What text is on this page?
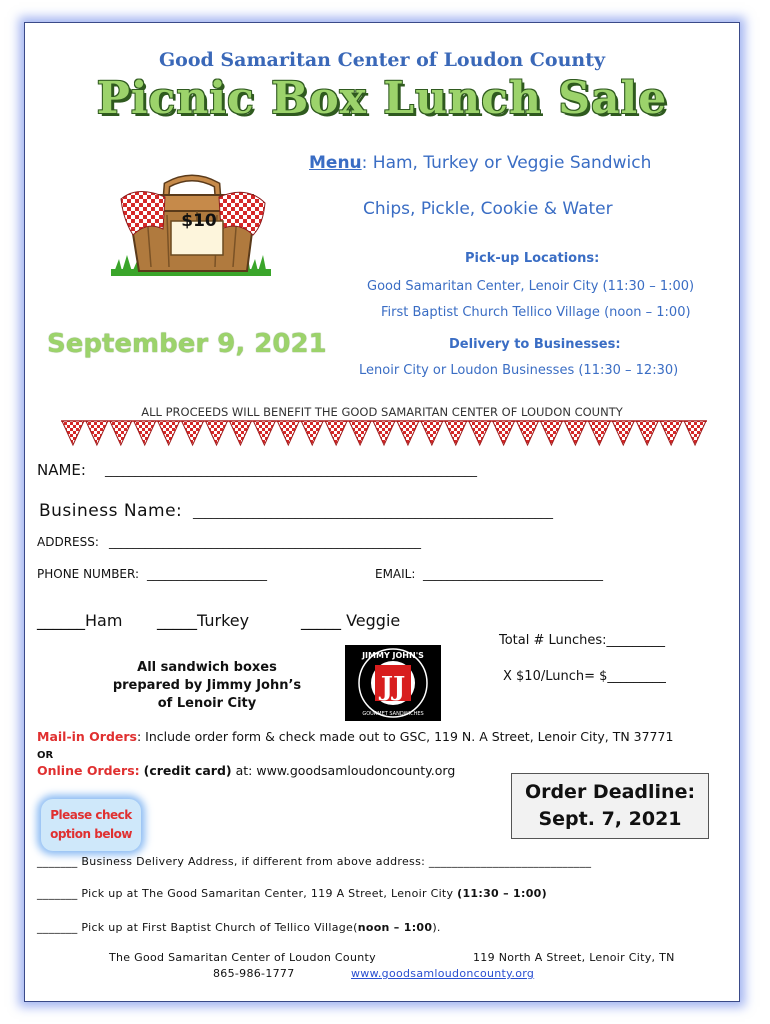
Good Samaritan Center of Loudon County
Picnic Box Lunch Sale
$10
Menu: Ham, Turkey or Veggie Sandwich
Chips, Pickle, Cookie & Water
Pick-up Locations:
Good Samaritan Center, Lenoir City (11:30 – 1:00)
First Baptist Church Tellico Village (noon – 1:00)
Delivery to Businesses:
Lenoir City or Loudon Businesses (11:30 – 12:30)
September 9, 2021
ALL PROCEEDS WILL BENEFIT THE GOOD SAMARITAN CENTER OF LOUDON COUNTY
NAME: ______________________________________________________________
Business Name: ____________________________________________________________
ADDRESS: ____________________________________________________
PHONE NUMBER: ____________________	EMAIL: ______________________________
______Ham _____Turkey	_____ Veggie
Total # Lunches:_________
X $10/Lunch= $_________
All sandwich boxes
prepared by Jimmy John’s
of Lenoir City
JJ
JIMMY JOHN'S
GOURMET SANDWICHES
Mail-in Orders: Include order form & check made out to GSC, 119 N. A Street, Lenoir City, TN 37771
OR
Online Orders: (credit card) at: www.goodsamloudoncounty.org
Order Deadline:
Sept. 7, 2021
Please check
option below
_______ Business Delivery Address, if different from above address: ____________________________
_______ Pick up at The Good Samaritan Center, 119 A Street, Lenoir City (11:30 – 1:00)
_______ Pick up at First Baptist Church of Tellico Village(noon – 1:00).
The Good Samaritan Center of Loudon County	119 North A Street, Lenoir City, TN
865-986-1777	www.goodsamloudoncounty.org
